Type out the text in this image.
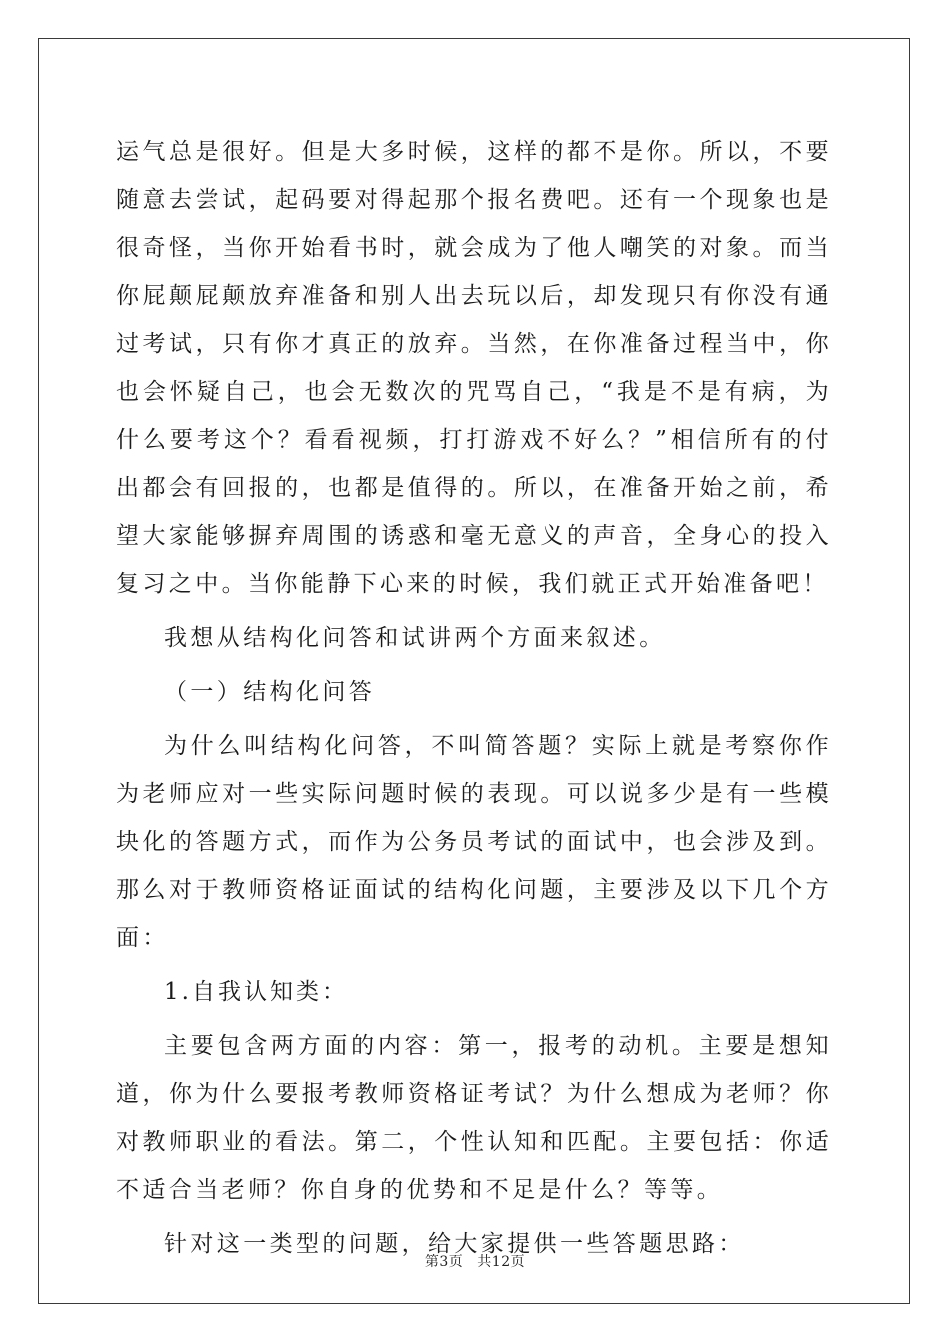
运气总是很好。但是大多时候，这样的都不是你。所以，不要随意去尝试，起码要对得起那个报名费吧。还有一个现象也是很奇怪，当你开始看书时，就会成为了他人嘲笑的对象。而当你屁颠屁颠放弃准备和别人出去玩以后，却发现只有你没有通过考试，只有你才真正的放弃。当然，在你准备过程当中，你也会怀疑自己，也会无数次的咒骂自己，“我是不是有病，为什么要考这个？看看视频，打打游戏不好么？”相信所有的付出都会有回报的，也都是值得的。所以，在准备开始之前，希望大家能够摒弃周围的诱惑和毫无意义的声音，全身心的投入复习之中。当你能静下心来的时候，我们就正式开始准备吧！

我想从结构化问答和试讲两个方面来叙述。

（一）结构化问答

为什么叫结构化问答，不叫简答题？实际上就是考察你作为老师应对一些实际问题时候的表现。可以说多少是有一些模块化的答题方式，而作为公务员考试的面试中，也会涉及到。那么对于教师资格证面试的结构化问题，主要涉及以下几个方面：

1.自我认知类：

主要包含两方面的内容：第一，报考的动机。主要是想知道，你为什么要报考教师资格证考试？为什么想成为老师？你对教师职业的看法。第二，个性认知和匹配。主要包括：你适不适合当老师？你自身的优势和不足是什么？等等。

针对这一类型的问题，给大家提供一些答题思路：

第3页 共12页
